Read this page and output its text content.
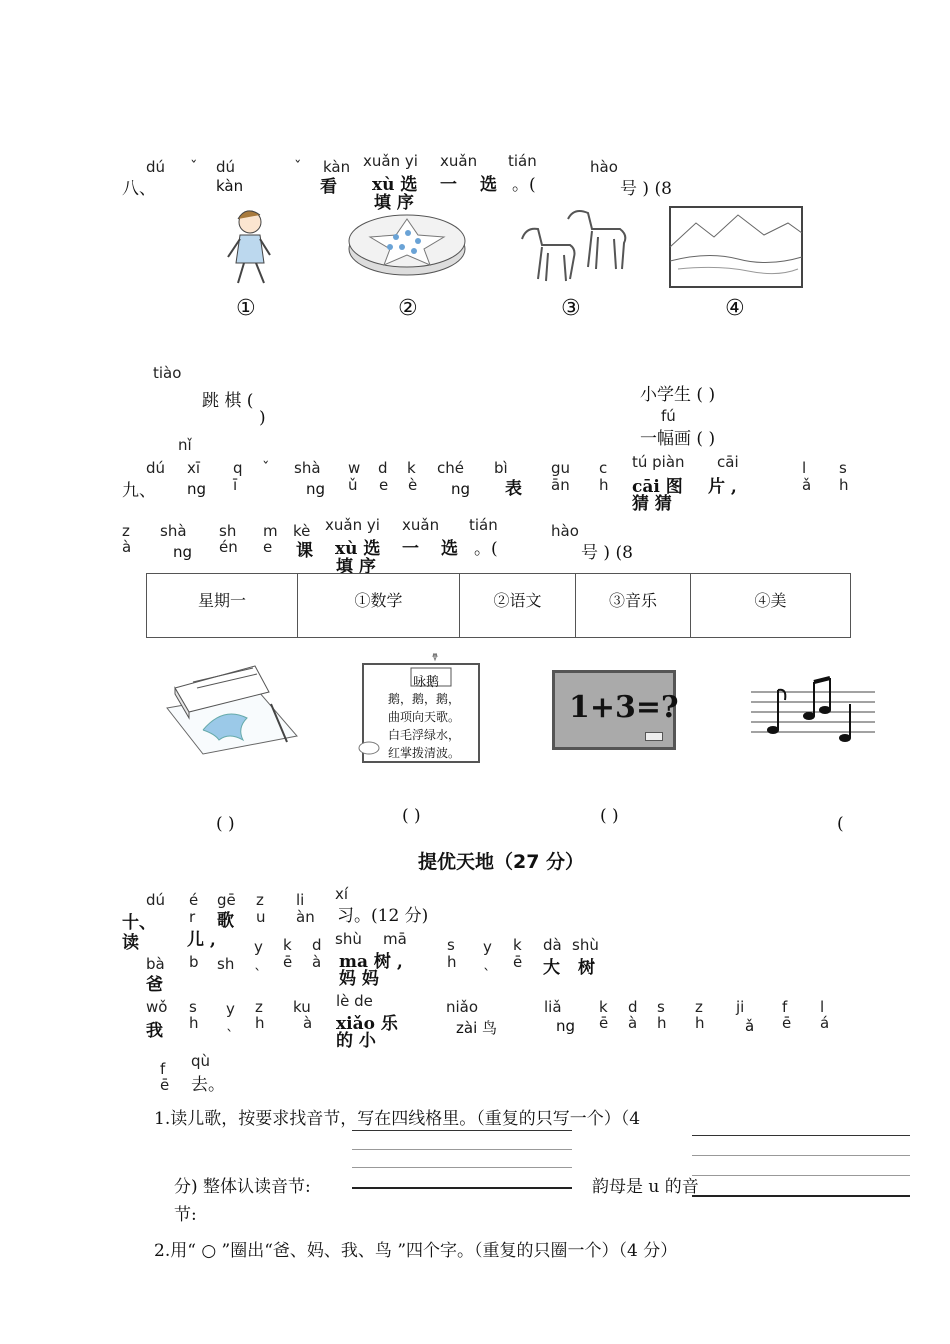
dú ˇ dú	ˇ kàn xuǎn yi xuǎn tián	hào
八、	kàn	看 xù 选 一 选 。(	号 ) (8
填 序
①	②	③	④
tiào
跳 棋 (
)
nǐ
小学生 ( )
fú
一幅画 ( )
dú xī q ˇ shà w d k ché bì	gu c tú piàn cāi	l s
九、 ng ī	ng ǔ e è ng 表 ān h cāi 图 片 ,	ǎ h
猜 猜
z shà sh m kè xuǎn yi xuǎn tián	hào
à	ng én e 课 xù 选 一 选 。(	号 ) (8
填 序
星期一	①数学	②语文	③音乐	④美
咏鹅
鹅，鹅，鹅，
曲项向天歌。
白毛浮绿水，
红掌拨清波。
1+3=?
( )	( )	( )	(
提优天地（27 分）
dú é gē z li xí
十、 r 歌 u àn 习。(12 分)
读	儿 ,	y k d shù mā	s y k dà shù
bà b sh ˎ ē à ma 树 ,	h ˎ ē 大 树
爸	妈 妈
wǒ s y z ku lè de	niǎo	liǎ k d s z ji	f l
我 h ˎ h	à xiǎo 乐	zài 鸟	ng ē à h h	ǎ ē á
的 小
f qù
ē 去。
1.读儿歌，按要求找音节，写在四线格里。（重复的只写一个）（4
分) 整体认读音节:	韵母是 u 的音
节:
2.用“ ○ ”圈出“爸、妈、我、鸟 ”四个字。（重复的只圈一个）（4 分）
